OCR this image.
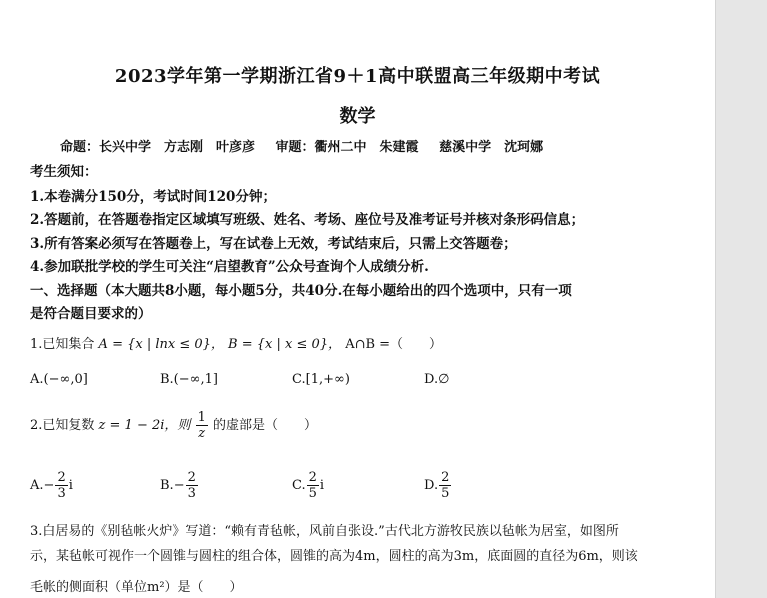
2023学年第一学期浙江省9＋1高中联盟高三年级期中考试
数学
命题：长兴中学　方志刚　叶彦彦 审题：衢州二中　朱建霞 慈溪中学　沈珂娜
考生须知：
1.本卷满分150分，考试时间120分钟；
2.答题前，在答题卷指定区域填写班级、姓名、考场、座位号及准考证号并核对条形码信息；
3.所有答案必须写在答题卷上，写在试卷上无效，考试结束后，只需上交答题卷；
4.参加联批学校的学生可关注“启望教育”公众号查询个人成绩分析.
一、选择题（本大题共8小题，每小题5分，共40分.在每小题给出的四个选项中，只有一项
是符合题目要求的）
1.已知集合 A = {x | lnx ≤ 0}， B = {x | x ≤ 0}， A∩B =（　　）
A.(−∞,0]	B.(−∞,1]	C.[1,+∞)	D.∅
2.已知复数 z = 1 − 2i，则 $\frac{1}{z}$ 的虚部是（　　）
$A.- \frac{2}{3}$ i	$B.- \frac{2}{3}$	C. $\frac{2}{5}$ i	D. $\frac{2}{5}$
3.白居易的《别毡帐火炉》写道：“赖有青毡帐，风前自张设.”古代北方游牧民族以毡帐为居室，如图所
示，某毡帐可视作一个圆锥与圆柱的组合体，圆锥的高为4m，圆柱的高为3m，底面圆的直径为6m，则该
毛帐的侧面积（单位m²）是（　　）
